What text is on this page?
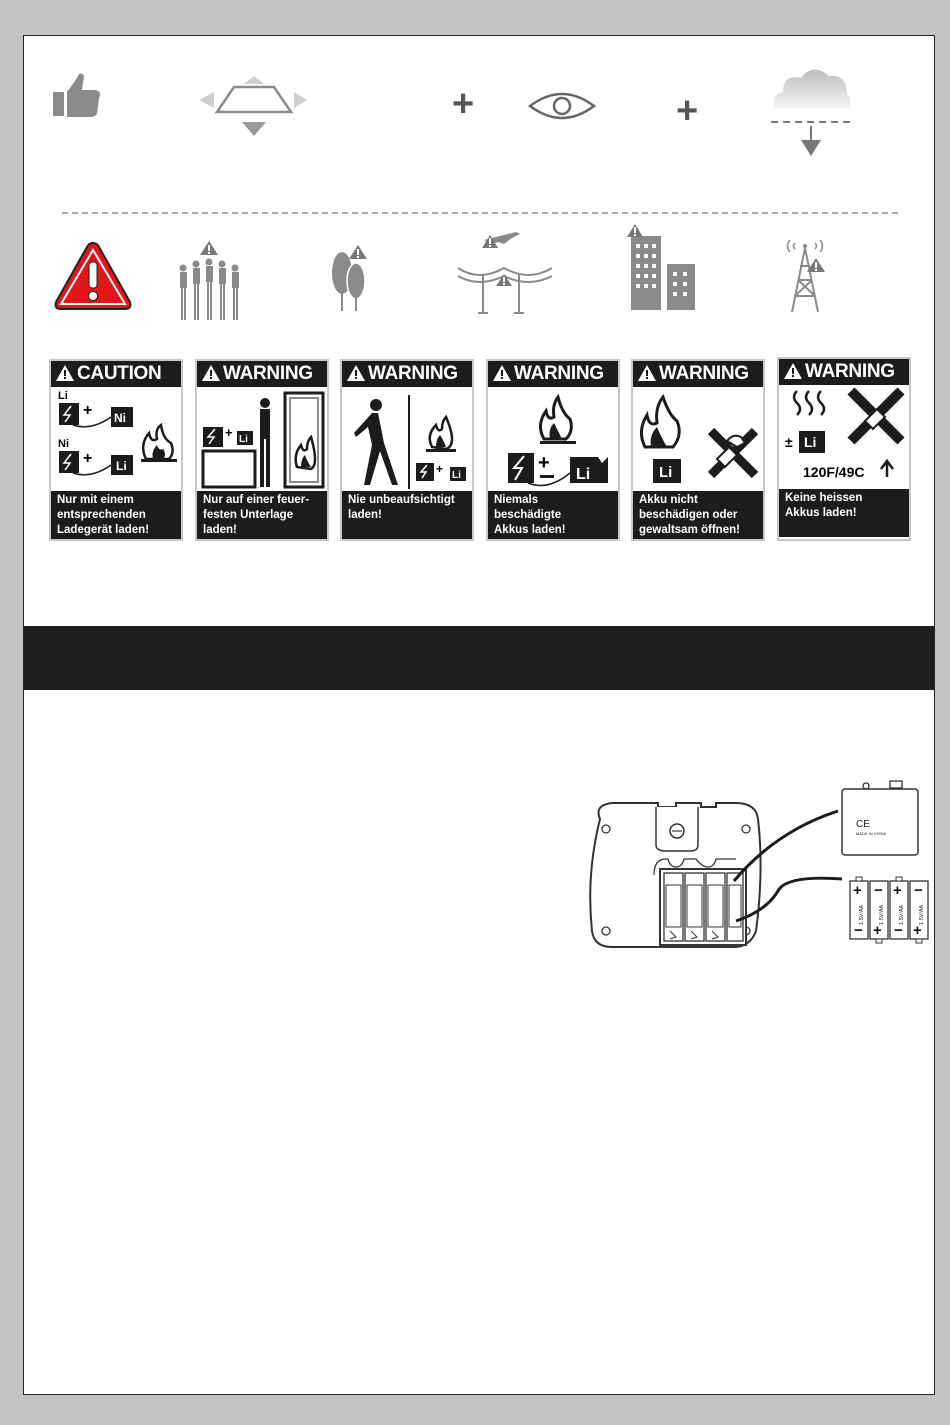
+	+
CAUTION
Li
+ Ni
Ni
+ Li
Nur mit einem
entsprechenden
Ladegerät laden!
WARNING
+ Li
Nur auf einer feuer-
festen Unterlage
laden!
WARNING
+ Li
Nie unbeaufsichtigt
laden!
WARNING
+
Li
Niemals
beschädigte
Akkus laden!
WARNING
Li
Akku nicht
beschädigen oder
gewaltsam öffnen!
WARNING
± Li
120F/49C
Keine heissen
Akkus laden!
CE
MADE IN CHINA
+
−
−
+
+
−
−
+
1.5V/AA	1.5V/AA	1.5V/AA	1.5V/AA
